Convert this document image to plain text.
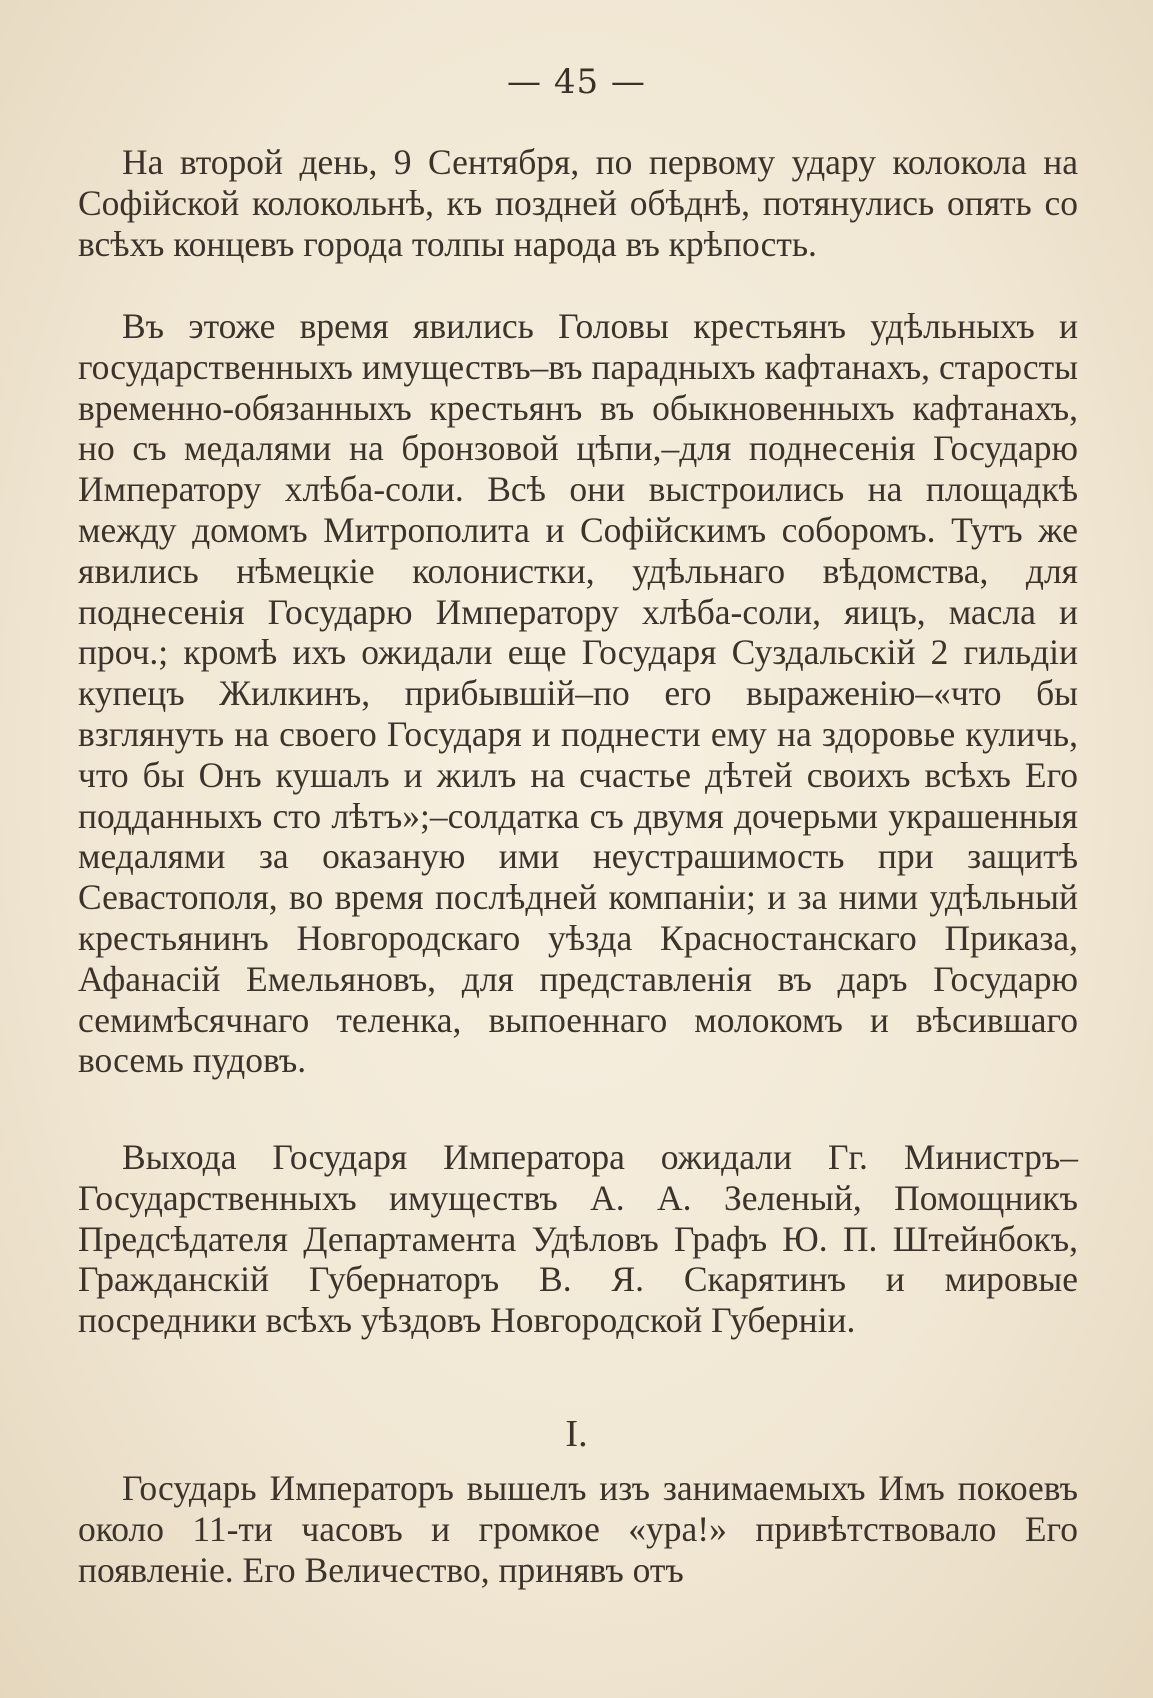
— 45 —

На второй день, 9 Сентября, по первому удару колокола на Софійской колокольнѣ, къ поздней обѣднѣ, потянулись опять со всѣхъ концевъ города толпы народа въ крѣпость.

Въ этоже время явились Головы крестьянъ удѣльныхъ и государственныхъ имуществъ–въ парадныхъ кафтанахъ, старосты временно-обязанныхъ крестьянъ въ обыкновенныхъ кафтанахъ, но съ медалями на бронзовой цѣпи,–для поднесенія Государю Императору хлѣба-соли. Всѣ они выстроились на площадкѣ между домомъ Митрополита и Софійскимъ соборомъ. Тутъ же явились нѣмецкіе колонистки, удѣльнаго вѣдомства, для поднесенія Государю Императору хлѣба-соли, яицъ, масла и проч.; кромѣ ихъ ожидали еще Государя Суздальскій 2 гильдіи купецъ Жилкинъ, прибывшій–по его выраженію–«что бы взглянуть на своего Государя и поднести ему на здоровье куличь, что бы Онъ кушалъ и жилъ на счастье дѣтей своихъ всѣхъ Его подданныхъ сто лѣтъ»;–солдатка съ двумя дочерьми украшенныя медалями за оказаную ими неустрашимость при защитѣ Севастополя, во время послѣдней компаніи; и за ними удѣльный крестьянинъ Новгородскаго уѣзда Красностанскаго Приказа, Афанасій Емельяновъ, для представленія въ даръ Государю семимѣсячнаго теленка, выпоеннаго молокомъ и вѣсившаго восемь пудовъ.

Выхода Государя Императора ожидали Гг. Министръ–Государственныхъ имуществъ А. А. Зеленый, Помощникъ Предсѣдателя Департамента Удѣловъ Графъ Ю. П. Штейнбокъ, Гражданскій Губернаторъ В. Я. Скарятинъ и мировые посредники всѣхъ уѣздовъ Новгородской Губерніи.

I.

Государь Императоръ вышелъ изъ занимаемыхъ Имъ покоевъ около 11-ти часовъ и громкое «ура!» привѣтствовало Его появленіе. Его Величество, принявъ отъ
